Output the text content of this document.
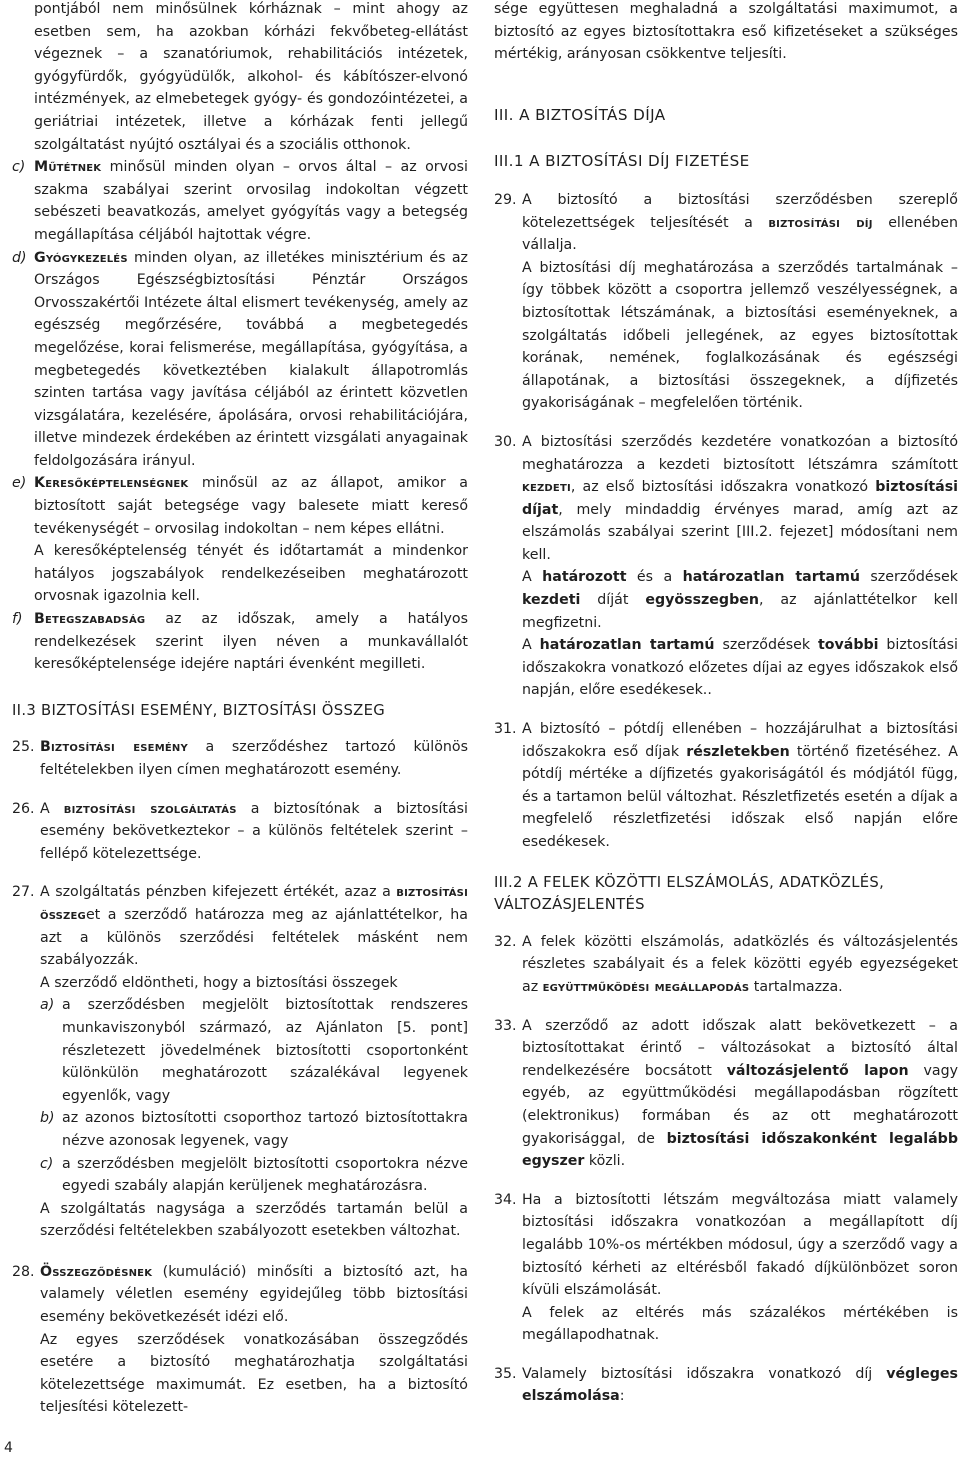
pontjából nem minősülnek kórháznak – mint ahogy az esetben sem, ha azokban kórházi fekvőbeteg-ellátást végeznek – a szanatóriumok, rehabilitációs intézetek, gyógyfürdők, gyógyüdülők, alkohol- és kábítószer-elvonó intézmények, az elmebetegek gyógy- és gondozóintézetei, a geriátriai intézetek, illetve a kórházak fenti jellegű szolgáltatást nyújtó osztályai és a szociális otthonok.

c) Műtétnek minősül minden olyan – orvos által – az orvosi szakma szabályai szerint orvosilag indokoltan végzett sebészeti beavatkozás, amelyet gyógyítás vagy a betegség megállapítása céljából hajtottak végre.

d) Gyógykezelés minden olyan, az illetékes minisztérium és az Országos Egészségbiztosítási Pénztár Országos Orvosszakértői Intézete által elismert tevékenység, amely az egészség megőrzésére, továbbá a megbetegedés megelőzése, korai felismerése, megállapítása, gyógyítása, a megbetegedés következtében kialakult állapotromlás szinten tartása vagy javítása céljából az érintett közvetlen vizsgálatára, kezelésére, ápolására, orvosi rehabilitációjára, illetve mindezek érdekében az érintett vizsgálati anyagainak feldolgozására irányul.

e) Keresőképtelenségnek minősül az az állapot, amikor a biztosított saját betegsége vagy balesete miatt kereső tevékenységét – orvosilag indokoltan – nem képes ellátni.

A keresőképtelenség tényét és időtartamát a mindenkor hatályos jogszabályok rendelkezéseiben meghatározott orvosnak igazolnia kell.

f) Betegszabadság az az időszak, amely a hatályos rendelkezések szerint ilyen néven a munkavállalót keresőképtelensége idejére naptári évenként megilleti.

II.3 BIZTOSÍTÁSI ESEMÉNY, BIZTOSÍTÁSI ÖSSZEG

25. Biztosítási esemény a szerződéshez tartozó különös feltételekben ilyen címen meghatározott esemény.

26. A biztosítási szolgáltatás a biztosítónak a biztosítási esemény bekövetkeztekor – a különös feltételek szerint – fellépő kötelezettsége.

27. A szolgáltatás pénzben kifejezett értékét, azaz a biztosítási összeget a szerződő határozza meg az ajánlattételkor, ha azt a különös szerződési feltételek másként nem szabályozzák.

A szerződő eldöntheti, hogy a biztosítási összegek

a) a szerződésben megjelölt biztosítottak rendszeres munkaviszonyból származó, az Ajánlaton [5. pont] részletezett jövedelmének biztosítotti csoportonként különkülön meghatározott százalékával legyenek egyenlők, vagy

b) az azonos biztosítotti csoporthoz tartozó biztosítottakra nézve azonosak legyenek, vagy

c) a szerződésben megjelölt biztosítotti csoportokra nézve egyedi szabály alapján kerüljenek meghatározásra.

A szolgáltatás nagysága a szerződés tartamán belül a szerződési feltételekben szabályozott esetekben változhat.

28. Összegződésnek (kumuláció) minősíti a biztosító azt, ha valamely véletlen esemény egyidejűleg több biztosítási esemény bekövetkezését idézi elő.

Az egyes szerződések vonatkozásában összegződés esetére a biztosító meghatározhatja szolgáltatási kötelezettsége maximumát. Ez esetben, ha a biztosító teljesítési kötelezett-

sége együttesen meghaladná a szolgáltatási maximumot, a biztosító az egyes biztosítottakra eső kifizetéseket a szükséges mértékig, arányosan csökkentve teljesíti.

III. A BIZTOSÍTÁS DÍJA

III.1 A BIZTOSÍTÁSI DÍJ FIZETÉSE

29. A biztosító a biztosítási szerződésben szereplő kötelezettségek teljesítését a biztosítási díj ellenében vállalja.

A biztosítási díj meghatározása a szerződés tartalmának – így többek között a csoportra jellemző veszélyességnek, a biztosítottak létszámának, a biztosítási eseményeknek, a szolgáltatás időbeli jellegének, az egyes biztosítottak korának, nemének, foglalkozásának és egészségi állapotának, a biztosítási összegeknek, a díjfizetés gyakoriságának – megfelelően történik.

30. A biztosítási szerződés kezdetére vonatkozóan a biztosító meghatározza a kezdeti biztosított létszámra számított kezdeti, az első biztosítási időszakra vonatkozó biztosítási díjat, mely mindaddig érvényes marad, amíg azt az elszámolás szabályai szerint [III.2. fejezet] módosítani nem kell.

A határozott és a határozatlan tartamú szerződések kezdeti díját egyösszegben, az ajánlattételkor kell megfizetni.

A határozatlan tartamú szerződések további biztosítási időszakokra vonatkozó előzetes díjai az egyes időszakok első napján, előre esedékesek..

31. A biztosító – pótdíj ellenében – hozzájárulhat a biztosítási időszakokra eső díjak részletekben történő fizetéséhez. A pótdíj mértéke a díjfizetés gyakoriságától és módjától függ, és a tartamon belül változhat. Részletfizetés esetén a díjak a megfelelő részletfizetési időszak első napján előre esedékesek.

III.2 A FELEK KÖZÖTTI ELSZÁMOLÁS, ADATKÖZLÉS, VÁLTOZÁSJELENTÉS

32. A felek közötti elszámolás, adatközlés és változásjelentés részletes szabályait és a felek közötti egyéb egyezségeket az együttműködési megállapodás tartalmazza.

33. A szerződő az adott időszak alatt bekövetkezett – a biztosítottakat érintő – változásokat a biztosító által rendelkezésére bocsátott változásjelentő lapon vagy egyéb, az együttműködési megállapodásban rögzített (elektronikus) formában és az ott meghatározott gyakorisággal, de biztosítási időszakonként legalább egyszer közli.

34. Ha a biztosítotti létszám megváltozása miatt valamely biztosítási időszakra vonatkozóan a megállapított díj legalább 10%-os mértékben módosul, úgy a szerződő vagy a biztosító kérheti az eltérésből fakadó díjkülönbözet soron kívüli elszámolását.

A felek az eltérés más százalékos mértékében is megállapodhatnak.

35. Valamely biztosítási időszakra vonatkozó díj végleges elszámolása:

4
